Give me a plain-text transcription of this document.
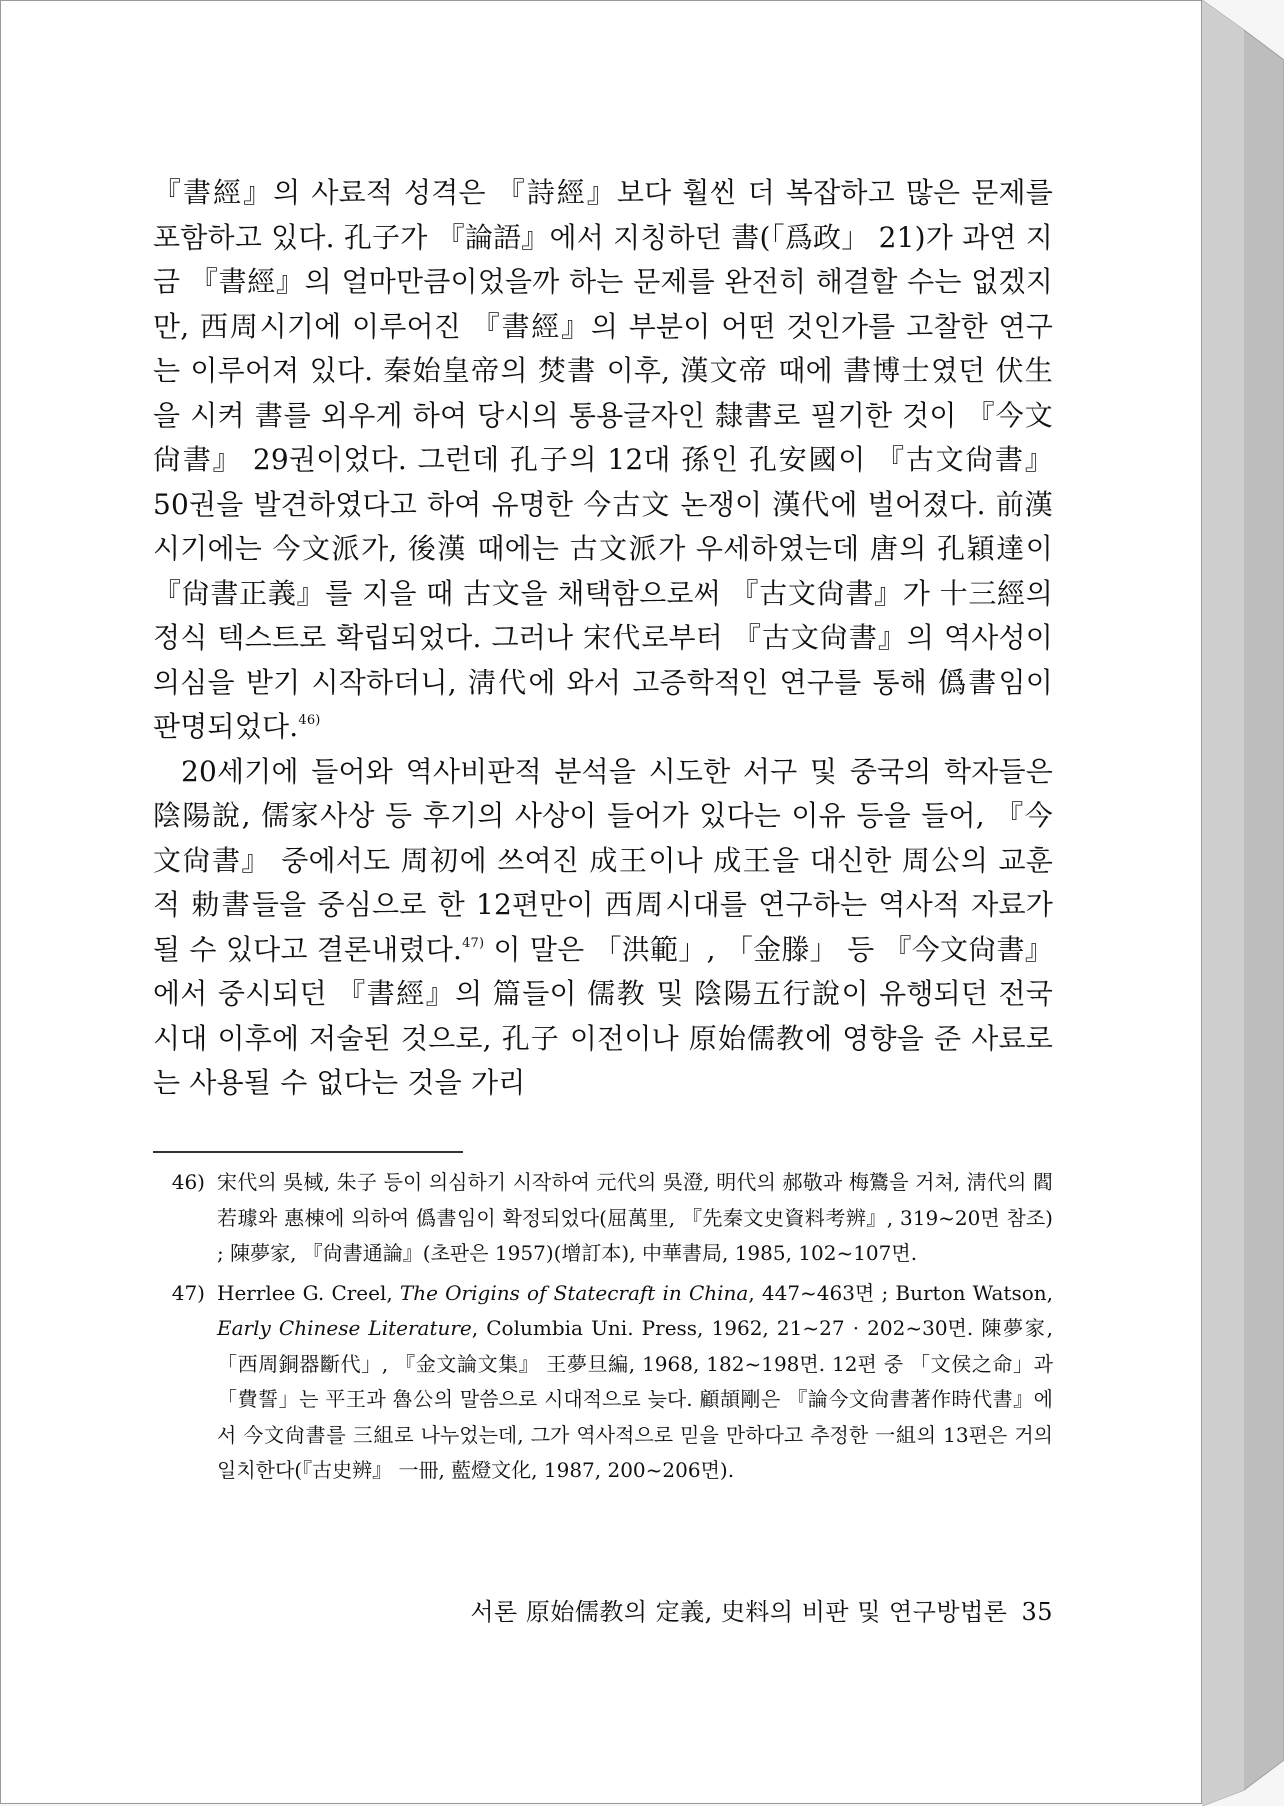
『書經』의 사료적 성격은 『詩經』보다 훨씬 더 복잡하고 많은 문제를 포함하고 있다. 孔子가 『論語』에서 지칭하던 書(「爲政」 21)가 과연 지금 『書經』의 얼마만큼이었을까 하는 문제를 완전히 해결할 수는 없겠지만, 西周시기에 이루어진 『書經』의 부분이 어떤 것인가를 고찰한 연구는 이루어져 있다. 秦始皇帝의 焚書 이후, 漢文帝 때에 書博士였던 伏生을 시켜 書를 외우게 하여 당시의 통용글자인 隸書로 필기한 것이 『今文尙書』 29권이었다. 그런데 孔子의 12대 孫인 孔安國이 『古文尙書』 50권을 발견하였다고 하여 유명한 今古文 논쟁이 漢代에 벌어졌다. 前漢시기에는 今文派가, 後漢 때에는 古文派가 우세하였는데 唐의 孔穎達이 『尙書正義』를 지을 때 古文을 채택함으로써 『古文尙書』가 十三經의 정식 텍스트로 확립되었다. 그러나 宋代로부터 『古文尙書』의 역사성이 의심을 받기 시작하더니, 淸代에 와서 고증학적인 연구를 통해 僞書임이 판명되었다.$^{46)}$

20세기에 들어와 역사비판적 분석을 시도한 서구 및 중국의 학자들은 陰陽說, 儒家사상 등 후기의 사상이 들어가 있다는 이유 등을 들어, 『今文尙書』 중에서도 周初에 쓰여진 成王이나 成王을 대신한 周公의 교훈적 勅書들을 중심으로 한 12편만이 西周시대를 연구하는 역사적 자료가 될 수 있다고 결론내렸다.$^{47)}$ 이 말은 「洪範」, 「金滕」 등 『今文尙書』에서 중시되던 『書經』의 篇들이 儒教 및 陰陽五行說이 유행되던 전국시대 이후에 저술된 것으로, 孔子 이전이나 原始儒教에 영향을 준 사료로는 사용될 수 없다는 것을 가리

46) 宋代의 吳棫, 朱子 등이 의심하기 시작하여 元代의 吳澄, 明代의 郝敬과 梅鷟을 거쳐, 淸代의 閻若璩와 惠棟에 의하여 僞書임이 확정되었다(屈萬里, 『先秦文史資料考辨』, 319~20면 참조) ; 陳夢家, 『尙書通論』(초판은 1957)(增訂本), 中華書局, 1985, 102~107면.
47) Herrlee G. Creel, The Origins of Statecraft in China, 447~463면 ; Burton Watson, Early Chinese Literature, Columbia Uni. Press, 1962, 21~27 · 202~30면. 陳夢家, 「西周銅器斷代」, 『金文論文集』 王夢旦編, 1968, 182~198면. 12편 중 「文侯之命」과 「費誓」는 平王과 魯公의 말씀으로 시대적으로 늦다. 顧頡剛은 『論今文尙書著作時代書』에서 今文尙書를 三組로 나누었는데, 그가 역사적으로 믿을 만하다고 추정한 一組의 13편은 거의 일치한다(『古史辨』 一冊, 藍燈文化, 1987, 200~206면).
서론 原始儒教의 定義, 史料의 비판 및 연구방법론 35
